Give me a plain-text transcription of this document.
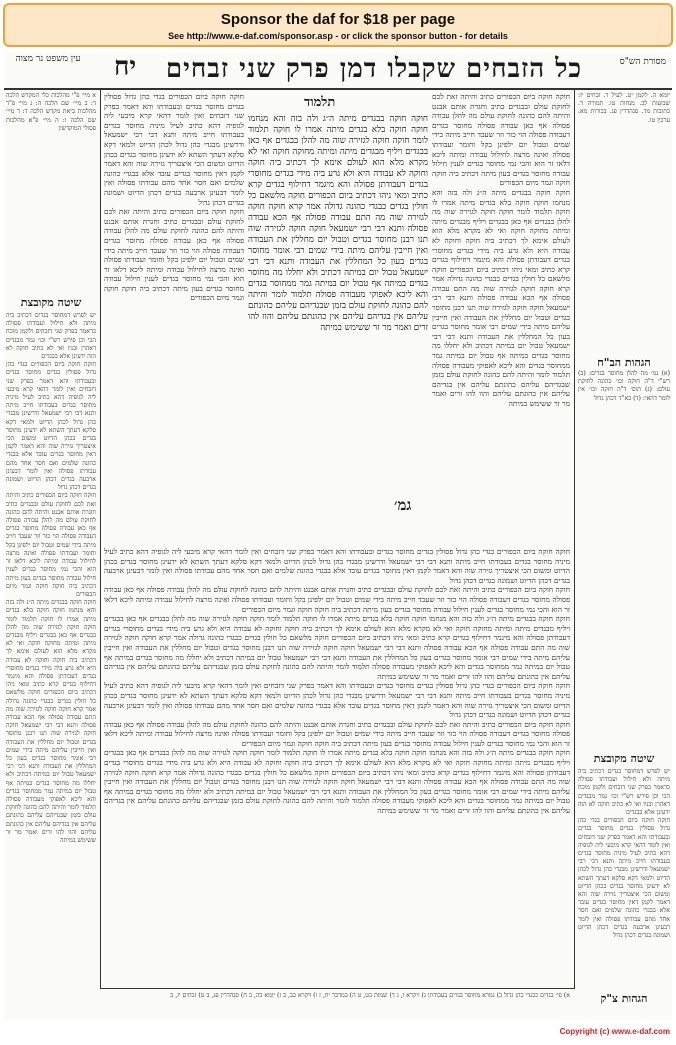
Sponsor the daf for $18 per page
See http://www.e-daf.com/sponsor.asp - or click the sponsor button - for details
עין משפט נר מצוה יח	כל הזבחים שקבלו דמן פרק שני זבחים	מסורת הש"ס

א מיי׳ פ"י מהלכות כלי המקדש הלכה ד: ב מיי׳ שם הלכה ה: ג מיי׳ פ"ד מהלכות ביאת מקדש הלכה ד: ד מיי׳ שם הלכה ו: ה מיי׳ פ"א מהלכות פסולי המוקדשין

שיטה מקובצת

יש לפרש דמחוסר בגדים דכתיב ביה מיתה ולא חילול ועבודתו פסולה כדאמר בפרק שני דזבחים ולקמן מוכח הכי וכן פירש רש"י וכו׳ גמר מבגדים דאהרן ובניו ואי לא כתיב חוקה לא הוה ידעינן אלא בבגדים

חוקה חוקה ביום הכפורים בגדי כהן גדול פסולין בגדים מחוסר בגדים ובעבודתו והא דאמר בפרק שני דזבחים ואין לומר דהאי קרא מיבעי ליה לגופיה דהא כתיב לעיל מיניה מחוסר בגדים בעבודתו חייב מיתה ותנא דבי רבי ישמעאל ודרשינן מבגדי כהן גדול לכהן הדיוט ולמאי דקא סלקא דעתך השתא לא ידעינן מחוסר בגדים בכהן הדיוט ומשום הכי איצטריך גזירה שוה והא דאמר לקמן דאין מחוסר בגדים עובד אלא בבגדי כהונה שלמים ואם חסר אחד מהם עבודתו פסולה ואין לומר דבעינן ארבעה בגדים דכהן הדיוט ושמונה בגדים דכהן גדול

חוקה חוקה ביום הכפורים כתיב והיתה זאת לכם לחוקת עולם ובבגדים כתיב וחגרת אותם אבנט והיתה להם כהונה לחוקת עולם מה להלן עבודה פסולה אף כאן עבודה פסולה מחוסר בגדים דעבודה פסולה הוי כזר וזר שעבד חייב מיתה בידי שמים וטבול יום ילפינן בקל וחומר ועבודתו פסולה ואינה מרצה לחילול עבודה ומיתה ליכא דלאו זר הוא והכי נמי מחוסר בגדים לענין חילול עבודה מחוסר בגדים בעון מיתה דכתיב ביה חוקה חוקה וגמר מיום הכפורים

חוקה חוקה בבגדים מיתה ה״ג ולה בזה והא מנחמו חוקה חוקה בלא בגדים מיתה אמרו לו חוקה תלמוד לומר חוקה חוקה לגזירה שוה מה להלן בבגדים אף כאן בבגדים ויליף מבגדים מיתה ומיתה מחוקה חוקה ואי לא מקרא מלא הוא לעולם אימא לך דכתיב ביה חוקה וחוקה לא עבודה היא ולא גרע ביה מידי בגדים מחוסרי בגדים דעבודתן פסולה והא מיגמר דחילוף בגדים קרא כתיב ומאי ניהו דכתיב ביום הכפורים חוקה מלשאם כל חולין בגדים כבגדי כהונה גדולה אמר קרא חוקה חוקה לגזירה שוה מה התם עבודה פסולה אף הכא עבודה פסולה ותנא דבי רבי ישמעאל חוקה חוקה לגזירה שוה תנו רבנן מחוסר בגדים וטבול יום מחללין את העבודה ואין חייבין עליהם מיתה בידי שמים רבי אומר מחוסר בגדים בעון כל המחללין את העבודה ותנא דבי רבי ישמעאל טבול יום במיתה דכתיב ולא יחללו מה מחוסר בגדים במיתה אף טבול יום במיתה גמר ממחוסר בגדים והא ליכא לאפוקי מעבודה פסולה תלמוד לומר והיתה להם כהונה לחוקת עולם בזמן שבגדיהם עליהם כהונתם עליהם אין בגדיהם עליהם אין כהונתם עליהם והוו להו זרים ואמר מר זר ששימש במיתה

יומא ה. לקמן יט. לעיל ד. זבחים יז: שבועות לב. מנחות טו. תמורה ד. כתובות מד. סנהדרין פג. בכורות מא. ערכין טו.

הגהות הב"ח

(א) גמ׳ מה להלן מחוסר בגדים: (ב) רש"י ד"ה חוקה וכו׳ כהונה לחוקת עולם: (ג) תוס׳ ד"ה חוקה וכו׳ אין לומר דהאי: (ד) בא"ד דכהן גדול

שיטה מקובצת

יש לפרש דמחוסר בגדים דכתיב ביה מיתה ולא חילול ועבודתו פסולה כדאמר בפרק שני דזבחים ולקמן מוכח הכי וכן פירש רש"י וכו׳ גמר מבגדים דאהרן ובניו ואי לא כתיב חוקה לא הוה ידעינן אלא בבגדים

חוקה חוקה ביום הכפורים בגדי כהן גדול פסולין בגדים מחוסר בגדים ובעבודתו והא דאמר בפרק שני דזבחים ואין לומר דהאי קרא מיבעי ליה לגופיה דהא כתיב לעיל מיניה מחוסר בגדים בעבודתו חייב מיתה ותנא דבי רבי ישמעאל ודרשינן מבגדי כהן גדול לכהן הדיוט ולמאי דקא סלקא דעתך השתא לא ידעינן מחוסר בגדים בכהן הדיוט ומשום הכי איצטריך גזירה שוה והא דאמר לקמן דאין מחוסר בגדים עובד אלא בבגדי כהונה שלמים ואם חסר אחד מהם עבודתו פסולה ואין לומר דבעינן ארבעה בגדים דכהן הדיוט ושמונה בגדים דכהן גדול

חוקה חוקה ביום הכפורים בגדי כהן גדול פסולין בגדים מחוסר בגדים ובעבודתו והא דאמר בפרק שני דזבחים ואין לומר דהאי קרא מיבעי ליה לגופיה דהא כתיב לעיל מיניה מחוסר בגדים בעבודתו חייב מיתה ותנא דבי רבי ישמעאל ודרשינן מבגדי כהן גדול לכהן הדיוט ולמאי דקא סלקא דעתך השתא לא ידעינן מחוסר בגדים בכהן הדיוט ומשום הכי איצטריך גזירה שוה והא דאמר לקמן דאין מחוסר בגדים עובד אלא בבגדי כהונה שלמים ואם חסר אחד מהם עבודתו פסולה ואין לומר דבעינן ארבעה בגדים דכהן הדיוט ושמונה בגדים דכהן גדול

חוקה חוקה ביום הכפורים כתיב והיתה זאת לכם לחוקת עולם ובבגדים כתיב וחגרת אותם אבנט והיתה להם כהונה לחוקת עולם מה להלן עבודה פסולה אף כאן עבודה פסולה מחוסר בגדים דעבודה פסולה הוי כזר וזר שעבד חייב מיתה בידי שמים וטבול יום ילפינן בקל וחומר ועבודתו פסולה ואינה מרצה לחילול עבודה ומיתה ליכא דלאו זר הוא והכי נמי מחוסר בגדים לענין חילול עבודה מחוסר בגדים בעון מיתה דכתיב ביה חוקה חוקה וגמר מיום הכפורים

חוקה חוקה ביום הכפורים כתיב והיתה זאת לכם לחוקת עולם ובבגדים כתיב וחגרת אותם אבנט והיתה להם כהונה לחוקת עולם מה להלן עבודה פסולה אף כאן עבודה פסולה מחוסר בגדים דעבודה פסולה הוי כזר וזר שעבד חייב מיתה בידי שמים וטבול יום ילפינן בקל וחומר ועבודתו פסולה ואינה מרצה לחילול עבודה ומיתה ליכא דלאו זר הוא והכי נמי מחוסר בגדים לענין חילול עבודה מחוסר בגדים בעון מיתה דכתיב ביה חוקה חוקה וגמר מיום הכפורים

חוקה חוקה בבגדים מיתה ה״ג ולה בזה והא מנחמו חוקה חוקה בלא בגדים מיתה אמרו לו חוקה תלמוד לומר חוקה חוקה לגזירה שוה מה להלן בבגדים אף כאן בבגדים ויליף מבגדים מיתה ומיתה מחוקה חוקה ואי לא מקרא מלא הוא לעולם אימא לך דכתיב ביה חוקה וחוקה לא עבודה היא ולא גרע ביה מידי בגדים מחוסרי בגדים דעבודתן פסולה והא מיגמר דחילוף בגדים קרא כתיב ומאי ניהו דכתיב ביום הכפורים חוקה מלשאם כל חולין בגדים כבגדי כהונה גדולה אמר קרא חוקה חוקה לגזירה שוה מה התם עבודה פסולה אף הכא עבודה פסולה ותנא דבי רבי ישמעאל חוקה חוקה לגזירה שוה תנו רבנן מחוסר בגדים וטבול יום מחללין את העבודה ואין חייבין עליהם מיתה בידי שמים רבי אומר מחוסר בגדים בעון כל המחללין את העבודה ותנא דבי רבי ישמעאל טבול יום במיתה דכתיב ולא יחללו מה מחוסר בגדים במיתה אף טבול יום במיתה גמר ממחוסר בגדים והא ליכא לאפוקי מעבודה פסולה תלמוד לומר והיתה להם כהונה לחוקת עולם בזמן שבגדיהם עליהם כהונתם עליהם אין בגדיהם עליהם אין כהונתם עליהם והוו להו זרים ואמר מר זר ששימש במיתה

תלמוד

חוקה חוקה בבגדים מיתה ה״ג ולה בזה והא מנחמו חוקה חוקה בלא בגדים מיתה אמרו לו חוקה תלמוד לומר חוקה חוקה לגזירה שוה מה להלן בבגדים אף כאן בבגדים ויליף מבגדים מיתה ומיתה מחוקה חוקה ואי לא מקרא מלא הוא לעולם אימא לך דכתיב ביה חוקה וחוקה לא עבודה היא ולא גרע ביה מידי בגדים מחוסרי בגדים דעבודתן פסולה והא מיגמר דחילוף בגדים קרא כתיב ומאי ניהו דכתיב ביום הכפורים חוקה מלשאם כל חולין בגדים כבגדי כהונה גדולה אמר קרא חוקה חוקה לגזירה שוה מה התם עבודה פסולה אף הכא עבודה פסולה ותנא דבי רבי ישמעאל חוקה חוקה לגזירה שוה תנו רבנן מחוסר בגדים וטבול יום מחללין את העבודה ואין חייבין עליהם מיתה בידי שמים רבי אומר מחוסר בגדים בעון כל המחללין את העבודה ותנא דבי רבי ישמעאל טבול יום במיתה דכתיב ולא יחללו מה מחוסר בגדים במיתה אף טבול יום במיתה גמר ממחוסר בגדים והא ליכא לאפוקי מעבודה פסולה תלמוד לומר והיתה להם כהונה לחוקת עולם בזמן שבגדיהם עליהם כהונתם עליהם אין בגדיהם עליהם אין כהונתם עליהם והוו להו זרים ואמר מר זר ששימש במיתה

גמ׳

חוקה חוקה ביום הכפורים בגדי כהן גדול פסולין בגדים מחוסר בגדים ובעבודתו והא דאמר בפרק שני דזבחים ואין לומר דהאי קרא מיבעי ליה לגופיה דהא כתיב לעיל מיניה מחוסר בגדים בעבודתו חייב מיתה ותנא דבי רבי ישמעאל ודרשינן מבגדי כהן גדול לכהן הדיוט ולמאי דקא סלקא דעתך השתא לא ידעינן מחוסר בגדים בכהן הדיוט ומשום הכי איצטריך גזירה שוה והא דאמר לקמן דאין מחוסר בגדים עובד אלא בבגדי כהונה שלמים ואם חסר אחד מהם עבודתו פסולה ואין לומר דבעינן ארבעה בגדים דכהן הדיוט ושמונה בגדים דכהן גדול

חוקה חוקה ביום הכפורים כתיב והיתה זאת לכם לחוקת עולם ובבגדים כתיב וחגרת אותם אבנט והיתה להם כהונה לחוקת עולם מה להלן עבודה פסולה אף כאן עבודה פסולה מחוסר בגדים דעבודה פסולה הוי כזר וזר שעבד חייב מיתה בידי שמים וטבול יום ילפינן בקל וחומר ועבודתו פסולה ואינה מרצה לחילול עבודה ומיתה ליכא דלאו זר הוא והכי נמי מחוסר בגדים לענין חילול עבודה מחוסר בגדים בעון מיתה דכתיב ביה חוקה חוקה וגמר מיום הכפורים

חוקה חוקה בבגדים מיתה ה״ג ולה בזה והא מנחמו חוקה חוקה בלא בגדים מיתה אמרו לו חוקה תלמוד לומר חוקה חוקה לגזירה שוה מה להלן בבגדים אף כאן בבגדים ויליף מבגדים מיתה ומיתה מחוקה חוקה ואי לא מקרא מלא הוא לעולם אימא לך דכתיב ביה חוקה וחוקה לא עבודה היא ולא גרע ביה מידי בגדים מחוסרי בגדים דעבודתן פסולה והא מיגמר דחילוף בגדים קרא כתיב ומאי ניהו דכתיב ביום הכפורים חוקה מלשאם כל חולין בגדים כבגדי כהונה גדולה אמר קרא חוקה חוקה לגזירה שוה מה התם עבודה פסולה אף הכא עבודה פסולה ותנא דבי רבי ישמעאל חוקה חוקה לגזירה שוה תנו רבנן מחוסר בגדים וטבול יום מחללין את העבודה ואין חייבין עליהם מיתה בידי שמים רבי אומר מחוסר בגדים בעון כל המחללין את העבודה ותנא דבי רבי ישמעאל טבול יום במיתה דכתיב ולא יחללו מה מחוסר בגדים במיתה אף טבול יום במיתה גמר ממחוסר בגדים והא ליכא לאפוקי מעבודה פסולה תלמוד לומר והיתה להם כהונה לחוקת עולם בזמן שבגדיהם עליהם כהונתם עליהם אין בגדיהם עליהם אין כהונתם עליהם והוו להו זרים ואמר מר זר ששימש במיתה

חוקה חוקה ביום הכפורים בגדי כהן גדול פסולין בגדים מחוסר בגדים ובעבודתו והא דאמר בפרק שני דזבחים ואין לומר דהאי קרא מיבעי ליה לגופיה דהא כתיב לעיל מיניה מחוסר בגדים בעבודתו חייב מיתה ותנא דבי רבי ישמעאל ודרשינן מבגדי כהן גדול לכהן הדיוט ולמאי דקא סלקא דעתך השתא לא ידעינן מחוסר בגדים בכהן הדיוט ומשום הכי איצטריך גזירה שוה והא דאמר לקמן דאין מחוסר בגדים עובד אלא בבגדי כהונה שלמים ואם חסר אחד מהם עבודתו פסולה ואין לומר דבעינן ארבעה בגדים דכהן הדיוט ושמונה בגדים דכהן גדול

חוקה חוקה ביום הכפורים כתיב והיתה זאת לכם לחוקת עולם ובבגדים כתיב וחגרת אותם אבנט והיתה להם כהונה לחוקת עולם מה להלן עבודה פסולה אף כאן עבודה פסולה מחוסר בגדים דעבודה פסולה הוי כזר וזר שעבד חייב מיתה בידי שמים וטבול יום ילפינן בקל וחומר ועבודתו פסולה ואינה מרצה לחילול עבודה ומיתה ליכא דלאו זר הוא והכי נמי מחוסר בגדים לענין חילול עבודה מחוסר בגדים בעון מיתה דכתיב ביה חוקה חוקה וגמר מיום הכפורים

חוקה חוקה בבגדים מיתה ה״ג ולה בזה והא מנחמו חוקה חוקה בלא בגדים מיתה אמרו לו חוקה תלמוד לומר חוקה חוקה לגזירה שוה מה להלן בבגדים אף כאן בבגדים ויליף מבגדים מיתה ומיתה מחוקה חוקה ואי לא מקרא מלא הוא לעולם אימא לך דכתיב ביה חוקה וחוקה לא עבודה היא ולא גרע ביה מידי בגדים מחוסרי בגדים דעבודתן פסולה והא מיגמר דחילוף בגדים קרא כתיב ומאי ניהו דכתיב ביום הכפורים חוקה מלשאם כל חולין בגדים כבגדי כהונה גדולה אמר קרא חוקה חוקה לגזירה שוה מה התם עבודה פסולה אף הכא עבודה פסולה ותנא דבי רבי ישמעאל חוקה חוקה לגזירה שוה תנו רבנן מחוסר בגדים וטבול יום מחללין את העבודה ואין חייבין עליהם מיתה בידי שמים רבי אומר מחוסר בגדים בעון כל המחללין את העבודה ותנא דבי רבי ישמעאל טבול יום במיתה דכתיב ולא יחללו מה מחוסר בגדים במיתה אף טבול יום במיתה גמר ממחוסר בגדים והא ליכא לאפוקי מעבודה פסולה תלמוד לומר והיתה להם כהונה לחוקת עולם בזמן שבגדיהם עליהם כהונתם עליהם אין בגדיהם עליהם אין כהונתם עליהם והוו להו זרים ואמר מר זר ששימש במיתה

הגהות צ"ק

א) פי׳ בגדים כבגדי כהן גדול ב) גמרא מחוסר בגדים בעבודתו ג) ויקרא ו, ג ד) שמות כט, ט ה) במדבר יח, ז ו) ויקרא כב, ב ז) יומא כה, ב ח) סנהדרין פג, ב ט) זבחים יז, ב

Copyright (c) www.e-daf.com
